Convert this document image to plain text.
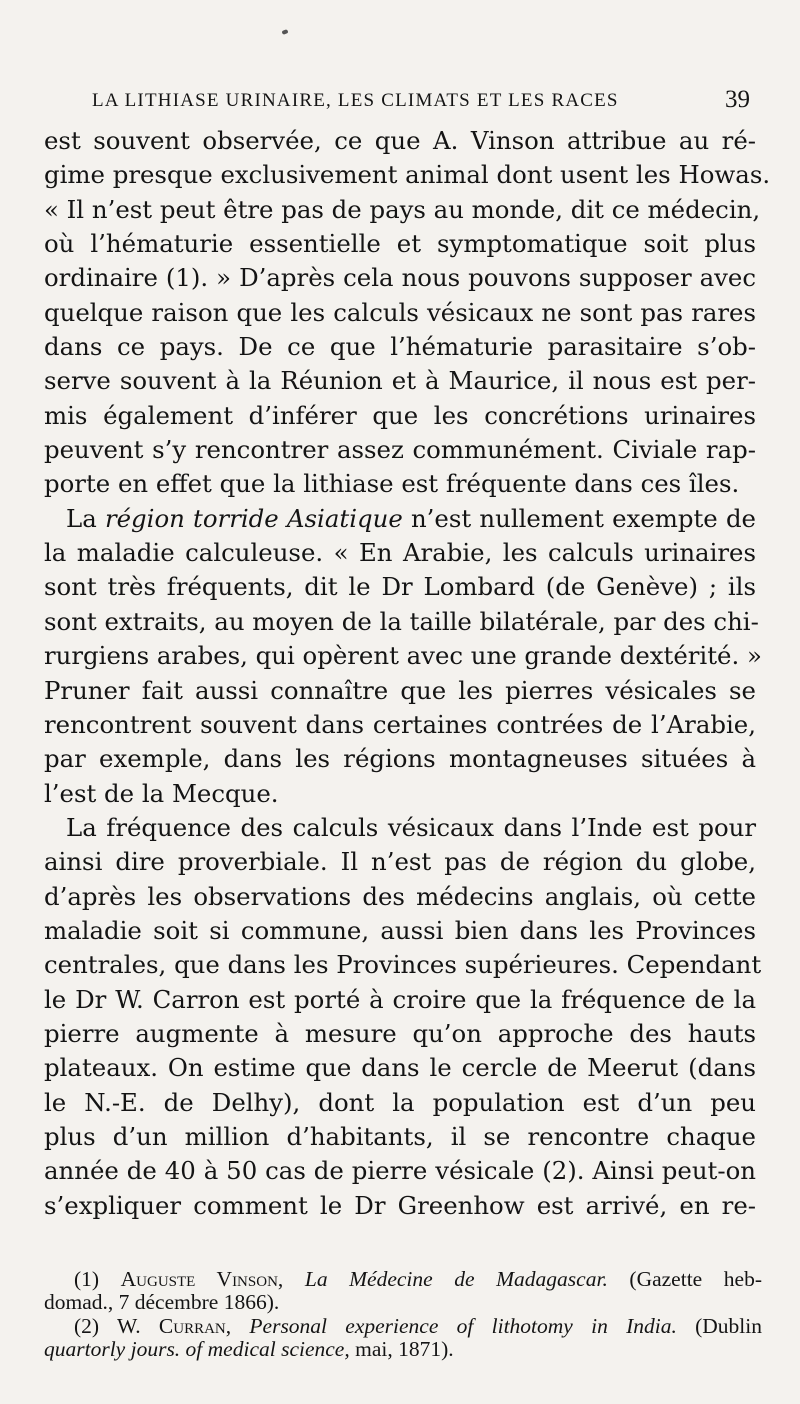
LA LITHIASE URINAIRE, LES CLIMATS ET LES RACES	39
est souvent observée, ce que A. Vinson attribue au ré-
gime presque exclusivement animal dont usent les Howas.
« Il n’est peut être pas de pays au monde, dit ce médecin,
où l’hématurie essentielle et symptomatique soit plus
ordinaire (1). » D’après cela nous pouvons supposer avec
quelque raison que les calculs vésicaux ne sont pas rares
dans ce pays. De ce que l’hématurie parasitaire s’ob-
serve souvent à la Réunion et à Maurice, il nous est per-
mis également d’inférer que les concrétions urinaires
peuvent s’y rencontrer assez communément. Civiale rap-
porte en effet que la lithiase est fréquente dans ces îles.
La région torride Asiatique n’est nullement exempte de
la maladie calculeuse. « En Arabie, les calculs urinaires
sont très fréquents, dit le Dr Lombard (de Genève) ; ils
sont extraits, au moyen de la taille bilatérale, par des chi-
rurgiens arabes, qui opèrent avec une grande dextérité. »
Pruner fait aussi connaître que les pierres vésicales se
rencontrent souvent dans certaines contrées de l’Arabie,
par exemple, dans les régions montagneuses situées à
l’est de la Mecque.
La fréquence des calculs vésicaux dans l’Inde est pour
ainsi dire proverbiale. Il n’est pas de région du globe,
d’après les observations des médecins anglais, où cette
maladie soit si commune, aussi bien dans les Provinces
centrales, que dans les Provinces supérieures. Cependant
le Dr W. Carron est porté à croire que la fréquence de la
pierre augmente à mesure qu’on approche des hauts
plateaux. On estime que dans le cercle de Meerut (dans
le N.-E. de Delhy), dont la population est d’un peu
plus d’un million d’habitants, il se rencontre chaque
année de 40 à 50 cas de pierre vésicale (2). Ainsi peut-on
s’expliquer comment le Dr Greenhow est arrivé, en re-
(1) Auguste Vinson, La Médecine de Madagascar. (Gazette heb-
domad., 7 décembre 1866).
(2) W. Curran, Personal experience of lithotomy in India. (Dublin
quartorly jours. of medical science, mai, 1871).
